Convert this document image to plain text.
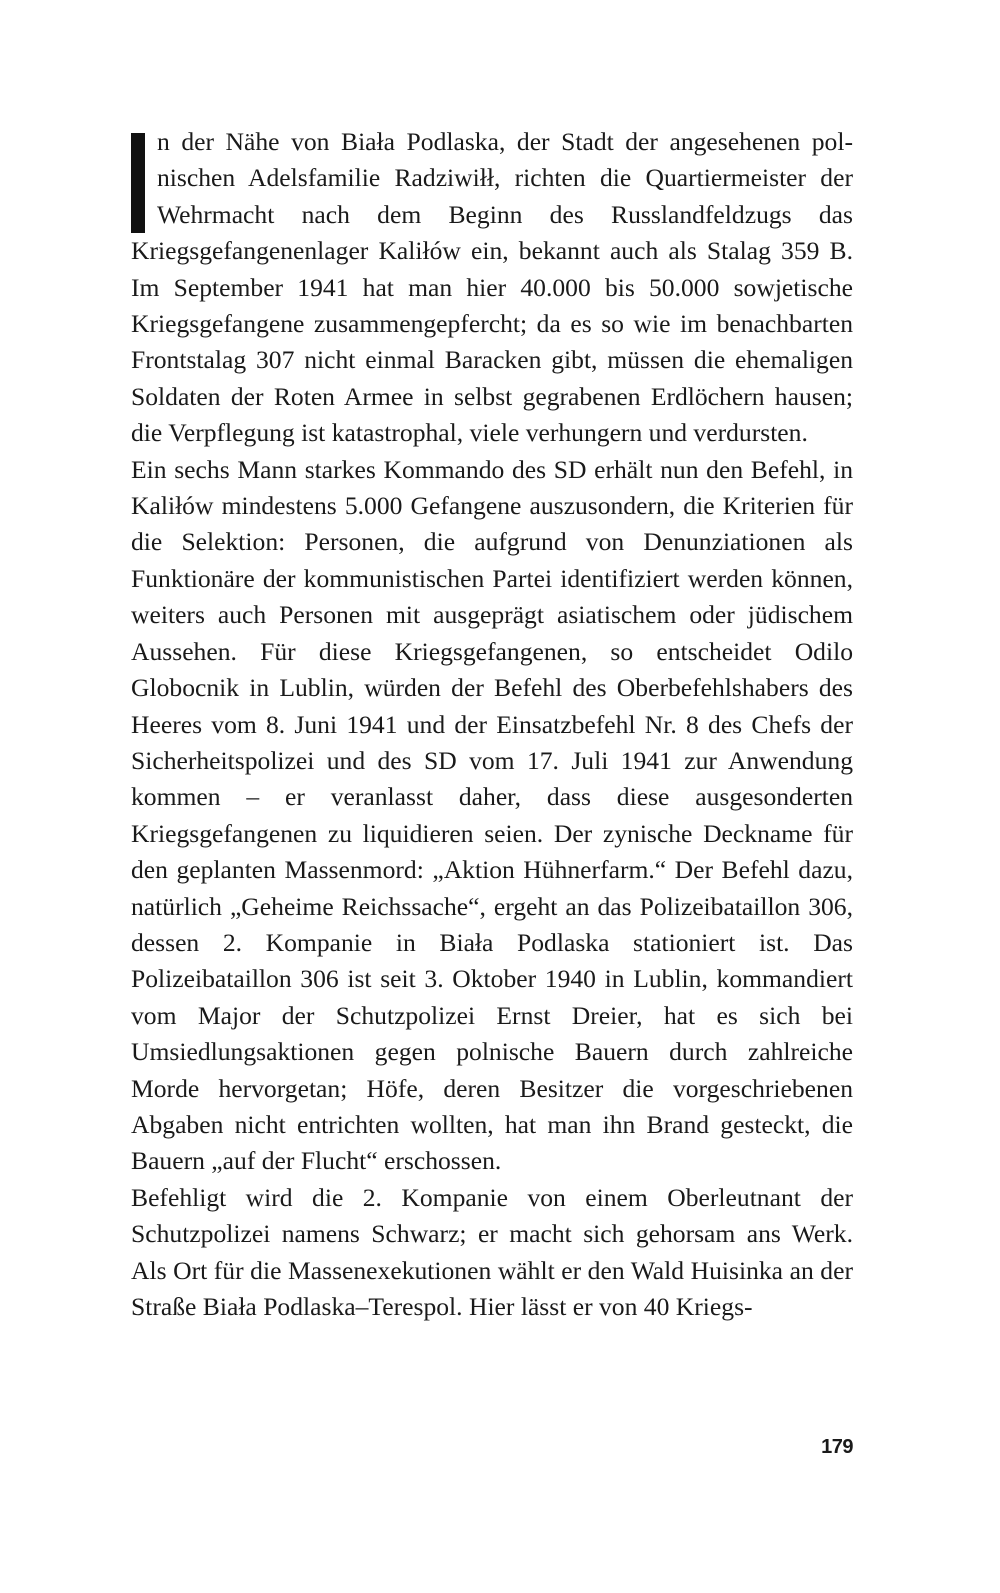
n der Nähe von Biała Podlaska, der Stadt der angesehenen polnischen Adelsfamilie Radziwiłł, richten die Quartiermeister der Wehrmacht nach dem Beginn des Russlandfeldzugs das Kriegsgefangenenlager Kaliłów ein, bekannt auch als Stalag 359 B. Im September 1941 hat man hier 40.000 bis 50.000 sowjetische Kriegsgefangene zusammengepfercht; da es so wie im benachbarten Frontstalag 307 nicht einmal Baracken gibt, müssen die ehemaligen Soldaten der Roten Armee in selbst gegrabenen Erdlöchern hausen; die Verpflegung ist katastrophal, viele verhungern und verdursten.

Ein sechs Mann starkes Kommando des SD erhält nun den Befehl, in Kaliłów mindestens 5.000 Gefangene auszusondern, die Kriterien für die Selektion: Personen, die aufgrund von Denunziationen als Funktionäre der kommunistischen Partei identifiziert werden können, weiters auch Personen mit ausgeprägt asiatischem oder jüdischem Aussehen. Für diese Kriegsgefangenen, so entscheidet Odilo Globocnik in Lublin, würden der Befehl des Oberbefehlshabers des Heeres vom 8. Juni 1941 und der Einsatzbefehl Nr. 8 des Chefs der Sicherheitspolizei und des SD vom 17. Juli 1941 zur Anwendung kommen – er veranlasst daher, dass diese ausgesonderten Kriegsgefangenen zu liquidieren seien. Der zynische Deckname für den geplanten Massenmord: „Aktion Hühnerfarm.“ Der Befehl dazu, natürlich „Geheime Reichssache“, ergeht an das Polizeibataillon 306, dessen 2. Kompanie in Biała Podlaska stationiert ist. Das Polizeibataillon 306 ist seit 3. Oktober 1940 in Lublin, kommandiert vom Major der Schutzpolizei Ernst Dreier, hat es sich bei Umsiedlungsaktionen gegen polnische Bauern durch zahlreiche Morde hervorgetan; Höfe, deren Besitzer die vorgeschriebenen Abgaben nicht entrichten wollten, hat man ihn Brand gesteckt, die Bauern „auf der Flucht“ erschossen.

Befehligt wird die 2. Kompanie von einem Oberleutnant der Schutzpolizei namens Schwarz; er macht sich gehorsam ans Werk. Als Ort für die Massenexekutionen wählt er den Wald Huisinka an der Straße Biała Podlaska–Terespol. Hier lässt er von 40 Kriegs-

179
